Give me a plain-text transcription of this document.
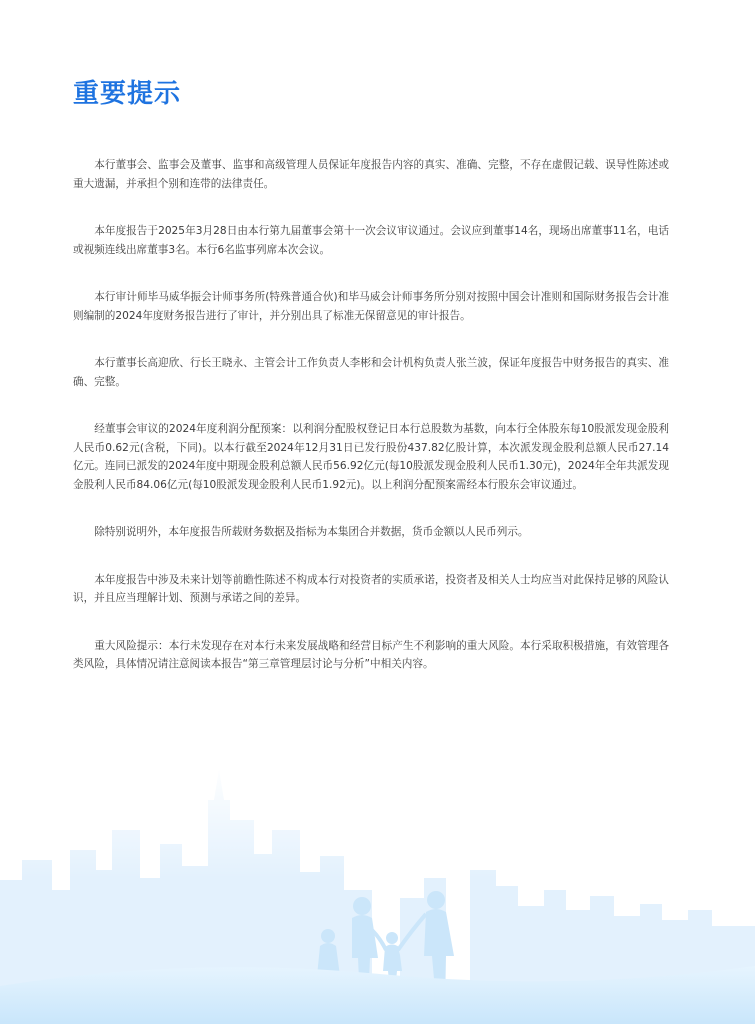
重要提示

本行董事会、监事会及董事、监事和高级管理人员保证年度报告内容的真实、准确、完整，不存在虚假记载、误导性陈述或重大遗漏，并承担个别和连带的法律责任。

本年度报告于2025年3月28日由本行第九届董事会第十一次会议审议通过。会议应到董事14名，现场出席董事11名，电话或视频连线出席董事3名。本行6名监事列席本次会议。

本行审计师毕马威华振会计师事务所(特殊普通合伙)和毕马威会计师事务所分别对按照中国会计准则和国际财务报告会计准则编制的2024年度财务报告进行了审计，并分别出具了标准无保留意见的审计报告。

本行董事长高迎欣、行长王晓永、主管会计工作负责人李彬和会计机构负责人张兰波，保证年度报告中财务报告的真实、准确、完整。

经董事会审议的2024年度利润分配预案：以利润分配股权登记日本行总股数为基数，向本行全体股东每10股派发现金股利人民币0.62元(含税，下同)。以本行截至2024年12月31日已发行股份437.82亿股计算，本次派发现金股利总额人民币27.14亿元。连同已派发的2024年度中期现金股利总额人民币56.92亿元(每10股派发现金股利人民币1.30元)，2024年全年共派发现金股利人民币84.06亿元(每10股派发现金股利人民币1.92元)。以上利润分配预案需经本行股东会审议通过。

除特别说明外，本年度报告所载财务数据及指标为本集团合并数据，货币金额以人民币列示。

本年度报告中涉及未来计划等前瞻性陈述不构成本行对投资者的实质承诺，投资者及相关人士均应当对此保持足够的风险认识，并且应当理解计划、预测与承诺之间的差异。

重大风险提示：本行未发现存在对本行未来发展战略和经营目标产生不利影响的重大风险。本行采取积极措施，有效管理各类风险，具体情况请注意阅读本报告“第三章管理层讨论与分析”中相关内容。
